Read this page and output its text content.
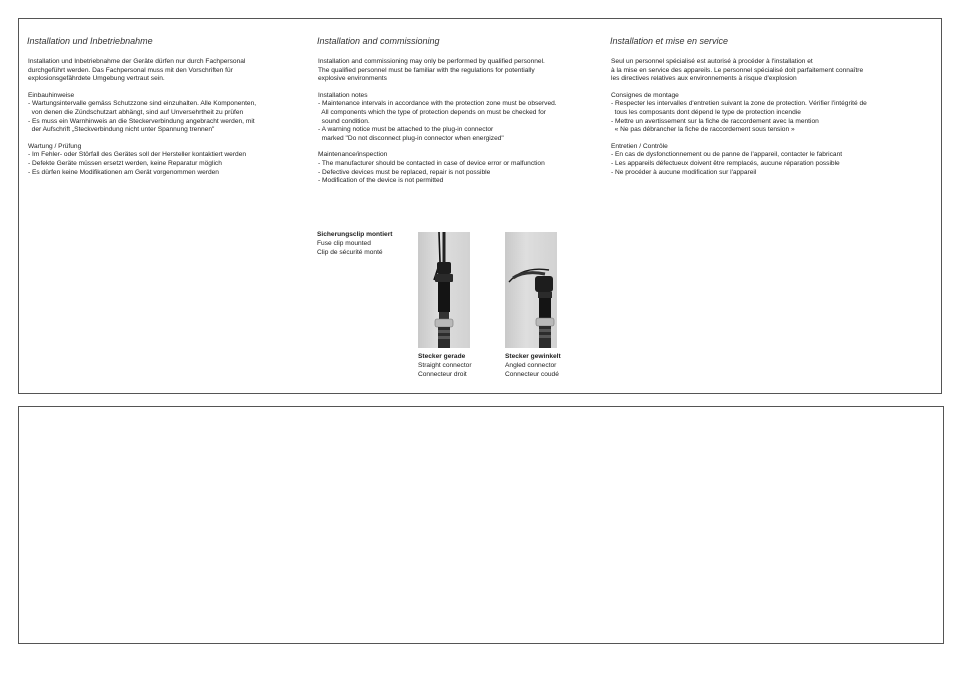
Installation und Inbetriebnahme
Installation und Inbetriebnahme der Geräte dürfen nur durch Fachpersonal
durchgeführt werden. Das Fachpersonal muss mit den Vorschriften für
explosionsgefährdete Umgebung vertraut sein.
Einbauhinweise
- Wartungsintervalle gemäss Schutzzone sind einzuhalten. Alle Komponenten,
von denen die Zündschutzart abhängt, sind auf Unversehrtheit zu prüfen
- Es muss ein Warnhinweis an die Steckerverbindung angebracht werden, mit
der Aufschrift „Steckverbindung nicht unter Spannung trennen"
Wartung / Prüfung
- Im Fehler- oder Störfall des Gerätes soll der Hersteller kontaktiert werden
- Defekte Geräte müssen ersetzt werden, keine Reparatur möglich
- Es dürfen keine Modifikationen am Gerät vorgenommen werden
Installation and commissioning
Installation and commissioning may only be performed by qualified personnel.
The qualified personnel must be familiar with the regulations for potentially
explosive environments
Installation notes
- Maintenance intervals in accordance with the protection zone must be observed.
All components which the type of protection depends on must be checked for
sound condition.
- A warning notice must be attached to the plug-in connector
marked "Do not disconnect plug-in connector when energized"
Maintenance/inspection
- The manufacturer should be contacted in case of device error or malfunction
- Defective devices must be replaced, repair is not possible
- Modification of the device is not permitted
Installation et mise en service
Seul un personnel spécialisé est autorisé à procéder à l'installation et
à la mise en service des appareils. Le personnel spécialisé doit parfaitement connaître
les directives relatives aux environnements à risque d'explosion
Consignes de montage
- Respecter les intervalles d'entretien suivant la zone de protection. Vérifier l'intégrité de
tous les composants dont dépend le type de protection incendie
- Mettre un avertissement sur la fiche de raccordement avec la mention
« Ne pas débrancher la fiche de raccordement sous tension »
Entretien / Contrôle
- En cas de dysfonctionnement ou de panne de l'appareil, contacter le fabricant
- Les appareils défectueux doivent être remplacés, aucune réparation possible
- Ne procéder à aucune modification sur l'appareil
Sicherungsclip montiert
Fuse clip mounted
Clip de sécurité monté
Stecker gerade
Straight connector
Connecteur droit
Stecker gewinkelt
Angled connector
Connecteur coudé
